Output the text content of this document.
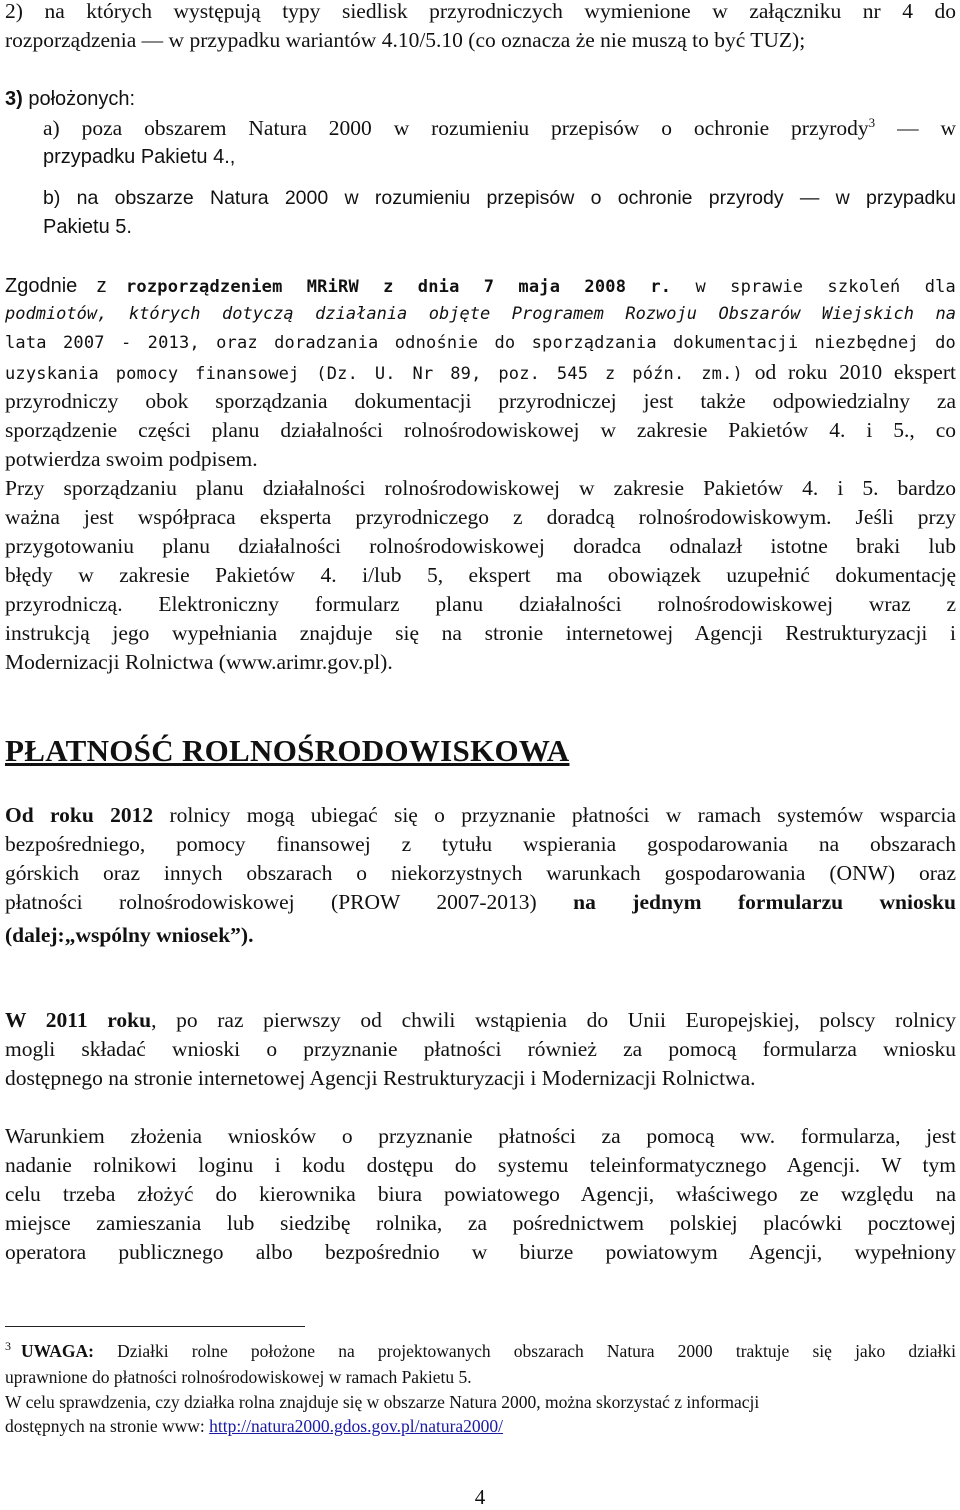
2) na których występują typy siedlisk przyrodniczych wymienione w załączniku nr 4 do

rozporządzenia — w przypadku wariantów 4.10/5.10 (co oznacza że nie muszą to być TUZ);

3) położonych:

a) poza obszarem Natura 2000 w rozumieniu przepisów o ochronie przyrody$^3$ — w

przypadku Pakietu 4.,

b) na obszarze Natura 2000 w rozumieniu przepisów o ochronie przyrody — w przypadku

Pakietu 5.

Zgodnie z rozporządzeniem MRiRW z dnia 7 maja 2008 r. w sprawie szkoleń dla

podmiotów, których dotyczą działania objęte Programem Rozwoju Obszarów Wiejskich na

lata 2007 - 2013, oraz doradzania odnośnie do sporządzania dokumentacji niezbędnej do

uzyskania pomocy finansowej (Dz. U. Nr 89, poz. 545 z późn. zm.) od roku 2010 ekspert

przyrodniczy obok sporządzania dokumentacji przyrodniczej jest także odpowiedzialny za

sporządzenie części planu działalności rolnośrodowiskowej w zakresie Pakietów 4. i 5., co

potwierdza swoim podpisem.

Przy sporządzaniu planu działalności rolnośrodowiskowej w zakresie Pakietów 4. i 5. bardzo

ważna jest współpraca eksperta przyrodniczego z doradcą rolnośrodowiskowym. Jeśli przy

przygotowaniu planu działalności rolnośrodowiskowej doradca odnalazł istotne braki lub

błędy w zakresie Pakietów 4. i/lub 5, ekspert ma obowiązek uzupełnić dokumentację

przyrodniczą. Elektroniczny formularz planu działalności rolnośrodowiskowej wraz z

instrukcją jego wypełniania znajduje się na stronie internetowej Agencji Restrukturyzacji i

Modernizacji Rolnictwa (www.arimr.gov.pl).

PŁATNOŚĆ ROLNOŚRODOWISKOWA

Od roku 2012 rolnicy mogą ubiegać się o przyznanie płatności w ramach systemów wsparcia

bezpośredniego, pomocy finansowej z tytułu wspierania gospodarowania na obszarach

górskich oraz innych obszarach o niekorzystnych warunkach gospodarowania (ONW) oraz

płatności rolnośrodowiskowej (PROW 2007-2013) na jednym formularzu wniosku

(dalej:„wspólny wniosek”).

W 2011 roku, po raz pierwszy od chwili wstąpienia do Unii Europejskiej, polscy rolnicy

mogli składać wnioski o przyznanie płatności również za pomocą formularza wniosku

dostępnego na stronie internetowej Agencji Restrukturyzacji i Modernizacji Rolnictwa.

Warunkiem złożenia wniosków o przyznanie płatności za pomocą ww. formularza, jest

nadanie rolnikowi loginu i kodu dostępu do systemu teleinformatycznego Agencji. W tym

celu trzeba złożyć do kierownika biura powiatowego Agencji, właściwego ze względu na

miejsce zamieszania lub siedzibę rolnika, za pośrednictwem polskiej placówki pocztowej

operatora publicznego albo bezpośrednio w biurze powiatowym Agencji, wypełniony

$^3$ UWAGA: Działki rolne położone na projektowanych obszarach Natura 2000 traktuje się jako działki

uprawnione do płatności rolnośrodowiskowej w ramach Pakietu 5.

W celu sprawdzenia, czy działka rolna znajduje się w obszarze Natura 2000, można skorzystać z informacji

dostępnych na stronie www: http://natura2000.gdos.gov.pl/natura2000/

4
